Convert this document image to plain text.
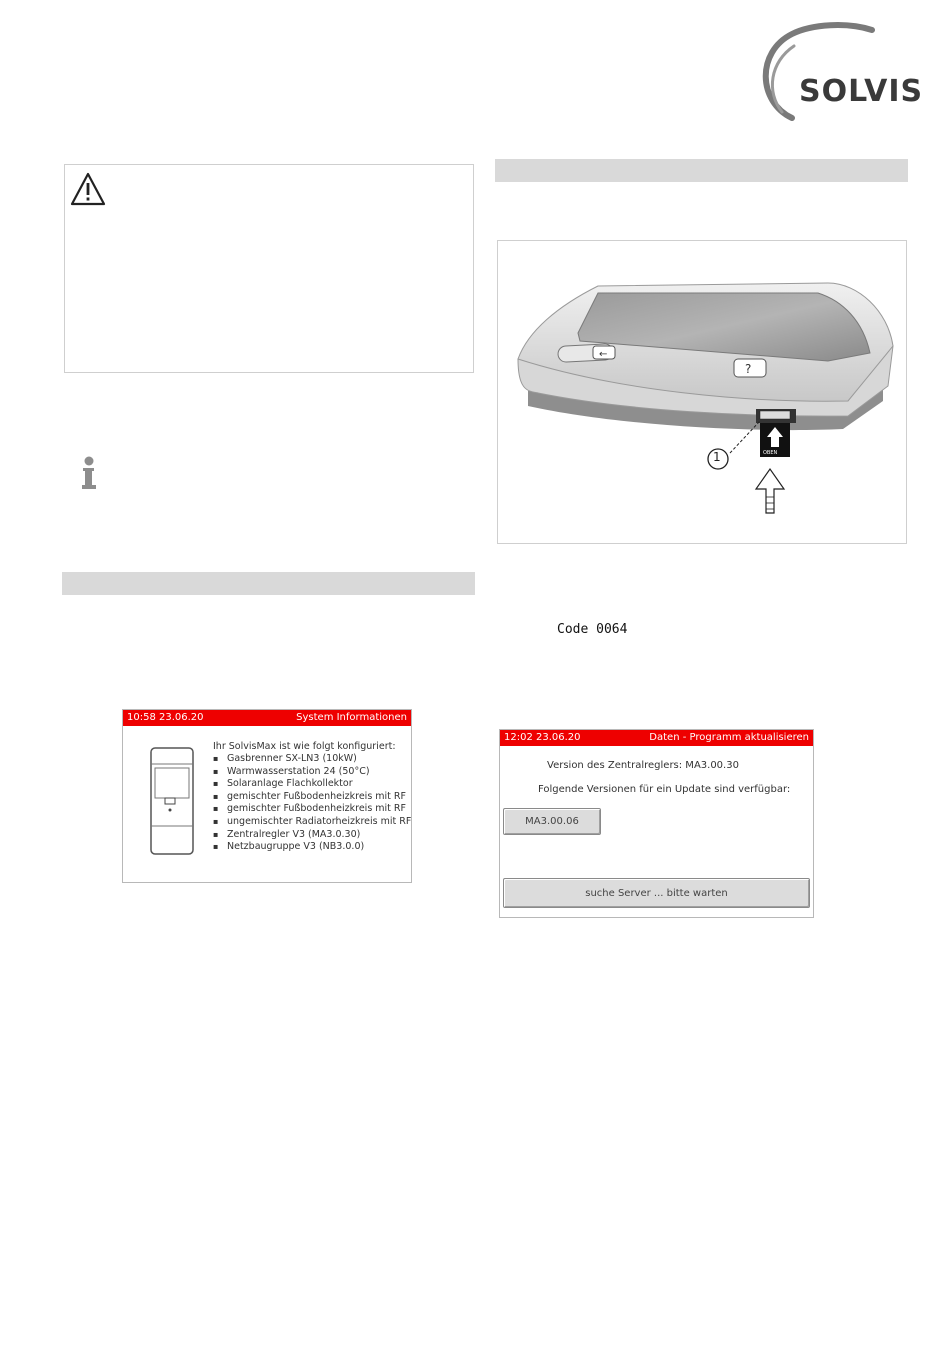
SOLVIS
10:58 23.06.20	System Informationen
Ihr SolvisMax ist wie folgt konfiguriert:
▪ Gasbrenner SX-LN3 (10kW)
▪ Warmwasserstation 24 (50°C)
▪ Solaranlage Flachkollektor
▪ gemischter Fußbodenheizkreis mit RF
▪ gemischter Fußbodenheizkreis mit RF
▪ ungemischter Radiatorheizkreis mit RF
▪ Zentralregler V3 (MA3.0.30)
▪ Netzbaugruppe V3 (NB3.0.0)
←
?
OBEN
1
Code 0064
12:02 23.06.20	Daten - Programm aktualisieren
Version des Zentralreglers: MA3.00.30
Folgende Versionen für ein Update sind verfügbar:
MA3.00.06
suche Server ... bitte warten
